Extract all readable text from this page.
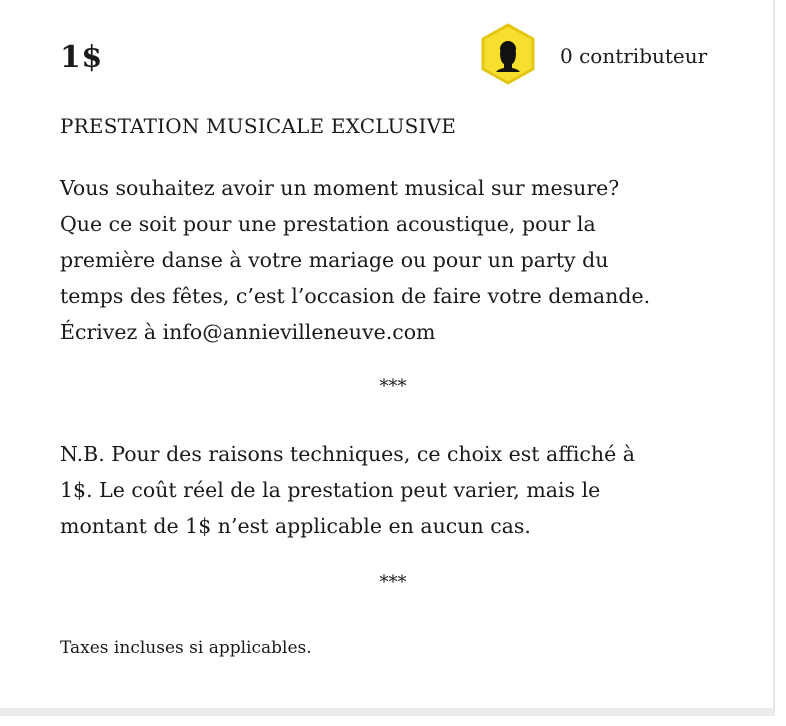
1$	0 contributeur
PRESTATION MUSICALE EXCLUSIVE

Vous souhaitez avoir un moment musical sur mesure?
Que ce soit pour une prestation acoustique, pour la
première danse à votre mariage ou pour un party du
temps des fêtes, c’est l’occasion de faire votre demande.
Écrivez à info@annievilleneuve.com

***

N.B. Pour des raisons techniques, ce choix est affiché à
1$. Le coût réel de la prestation peut varier, mais le
montant de 1$ n’est applicable en aucun cas.

***
Taxes incluses si applicables.
